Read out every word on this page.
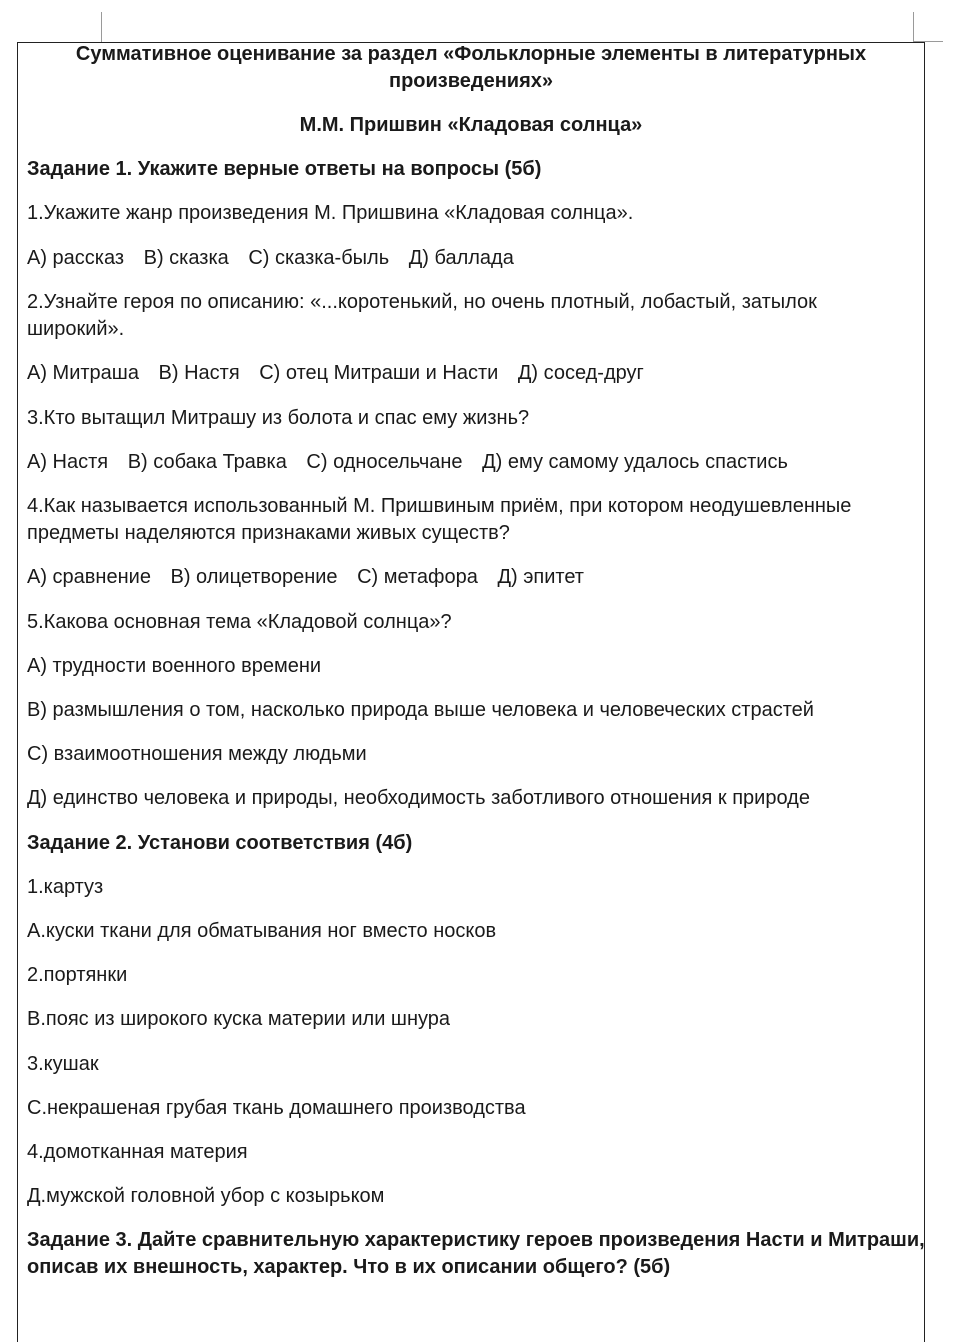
Суммативное оценивание за раздел «Фольклорные элементы в литературных

произведениях»

М.М. Пришвин «Кладовая солнца»

Задание 1. Укажите верные ответы на вопросы (5б)

1.Укажите жанр произведения М. Пришвина «Кладовая солнца».

А) рассказ В) сказка С) сказка-быль Д) баллада

2.Узнайте героя по описанию: «...коротенький, но очень плотный, лобастый, затылок

широкий».

А) Митраша В) Настя С) отец Митраши и Насти Д) сосед-друг

3.Кто вытащил Митрашу из болота и спас ему жизнь?

А) Настя В) собака Травка С) односельчане Д) ему самому удалось спастись

4.Как называется использованный М. Пришвиным приём, при котором неодушевленные

предметы наделяются признаками живых существ?

А) сравнение В) олицетворение С) метафора Д) эпитет

5.Какова основная тема «Кладовой солнца»?

А) трудности военного времени

В) размышления о том, насколько природа выше человека и человеческих страстей

С) взаимоотношения между людьми

Д) единство человека и природы, необходимость заботливого отношения к природе

Задание 2. Установи соответствия (4б)

1.картуз

А.куски ткани для обматывания ног вместо носков

2.портянки

В.пояс из широкого куска материи или шнура

3.кушак

С.некрашеная грубая ткань домашнего производства

4.домотканная материя

Д.мужской головной убор с козырьком

Задание 3. Дайте сравнительную характеристику героев произведения Насти и Митраши,

описав их внешность, характер. Что в их описании общего? (5б)
